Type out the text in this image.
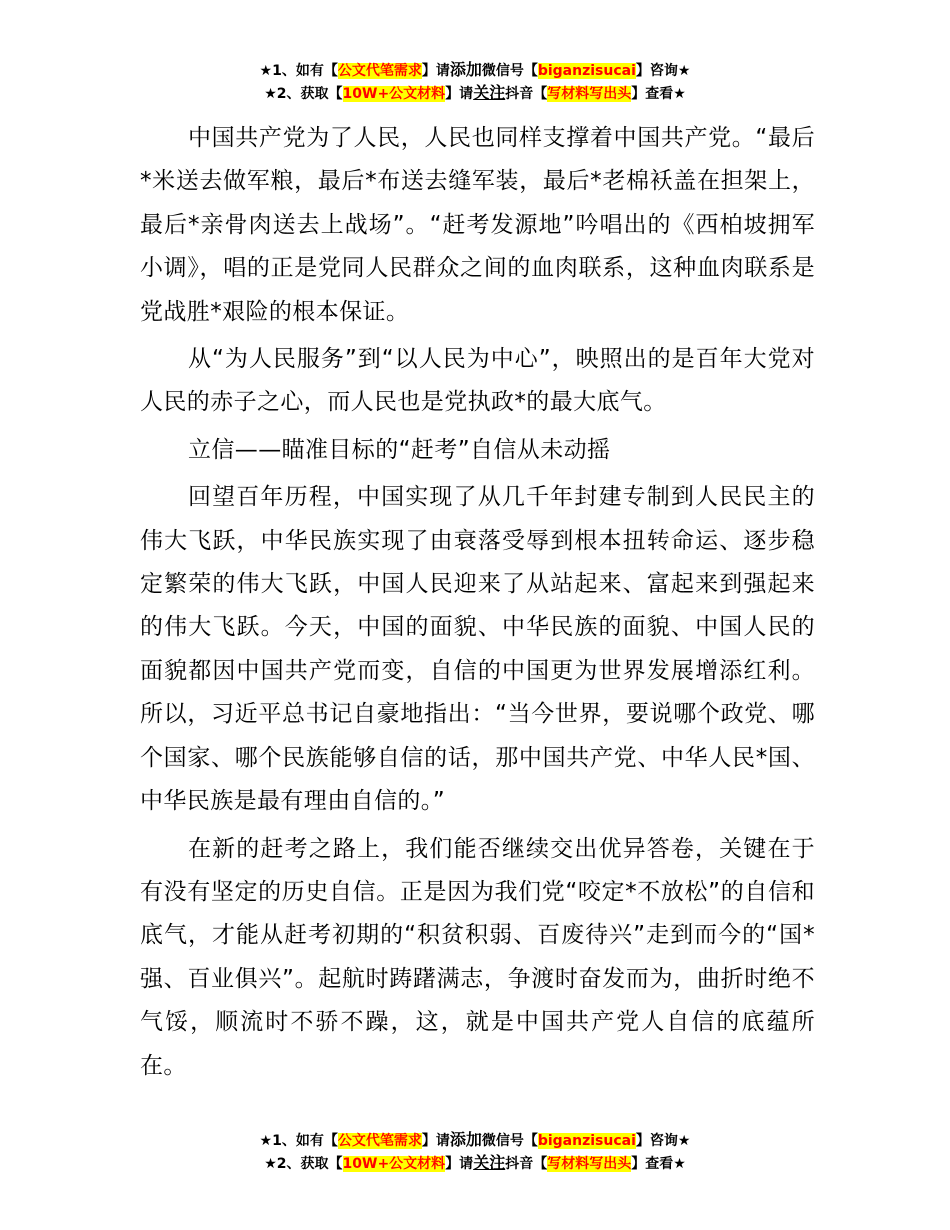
★1、如有【公文代笔需求】请添加微信号【biganzisucai】咨询★
★2、获取【10W+公文材料】请关注抖音【写材料写出头】查看★

中国共产党为了人民，人民也同样支撑着中国共产党。“最后*米送去做军粮，最后*布送去缝军装，最后*老棉袄盖在担架上，最后*亲骨肉送去上战场”。“赶考发源地”吟唱出的《西柏坡拥军小调》，唱的正是党同人民群众之间的血肉联系，这种血肉联系是党战胜*艰险的根本保证。

从“为人民服务”到“以人民为中心”，映照出的是百年大党对人民的赤子之心，而人民也是党执政*的最大底气。

立信——瞄准目标的“赶考”自信从未动摇

回望百年历程，中国实现了从几千年封建专制到人民民主的伟大飞跃，中华民族实现了由衰落受辱到根本扭转命运、逐步稳定繁荣的伟大飞跃，中国人民迎来了从站起来、富起来到强起来的伟大飞跃。今天，中国的面貌、中华民族的面貌、中国人民的面貌都因中国共产党而变，自信的中国更为世界发展增添红利。所以，习近平总书记自豪地指出：“当今世界，要说哪个政党、哪个国家、哪个民族能够自信的话，那中国共产党、中华人民*国、中华民族是最有理由自信的。”

在新的赶考之路上，我们能否继续交出优异答卷，关键在于有没有坚定的历史自信。正是因为我们党“咬定*不放松”的自信和底气，才能从赶考初期的“积贫积弱、百废待兴”走到而今的“国*强、百业俱兴”。起航时踌躇满志，争渡时奋发而为，曲折时绝不气馁，顺流时不骄不躁，这，就是中国共产党人自信的底蕴所在。

★1、如有【公文代笔需求】请添加微信号【biganzisucai】咨询★
★2、获取【10W+公文材料】请关注抖音【写材料写出头】查看★
